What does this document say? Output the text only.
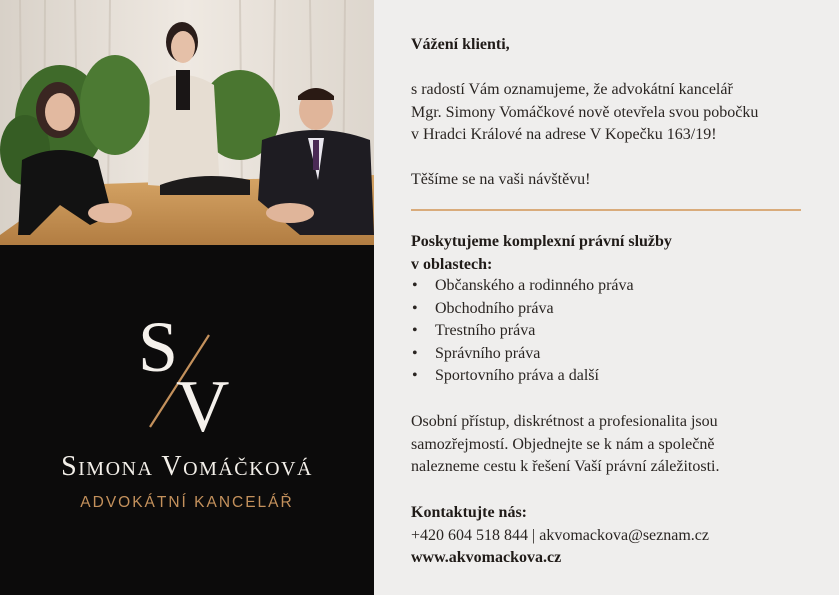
S
V
Simona Vomáčková
ADVOKÁTNÍ KANCELÁŘ
Vážení klienti,
s radostí Vám oznamujeme, že advokátní kancelář
Mgr. Simony Vomáčkové nově otevřela svou pobočku
v Hradci Králové na adrese V Kopečku 163/19!
Těšíme se na vaši návštěvu!
Poskytujeme komplexní právní služby
v oblastech:
• Občanského a rodinného práva
• Obchodního práva
• Trestního práva
• Správního práva
• Sportovního práva a další
Osobní přístup, diskrétnost a profesionalita jsou
samozřejmostí. Objednejte se k nám a společně
nalezneme cestu k řešení Vaší právní záležitosti.
Kontaktujte nás:
+420 604 518 844 | akvomackova@seznam.cz
www.akvomackova.cz
